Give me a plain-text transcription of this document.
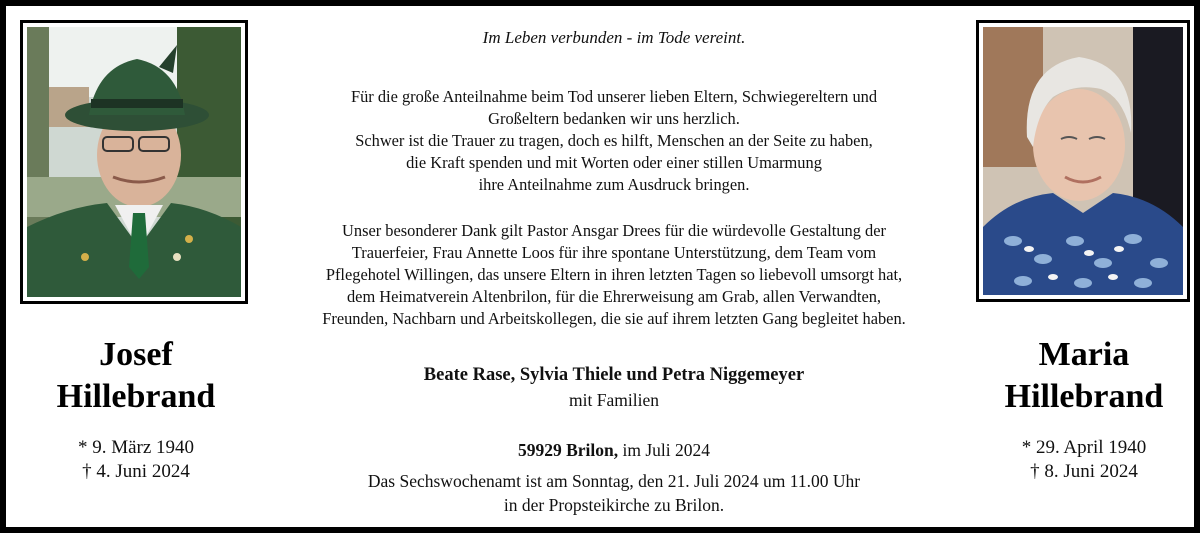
Josef
Hillebrand
* 9. März 1940
† 4. Juni 2024
Maria
Hillebrand
* 29. April 1940
† 8. Juni 2024
Im Leben verbunden - im Tode vereint.
Für die große Anteilnahme beim Tod unserer lieben Eltern, Schwiegereltern und
Großeltern bedanken wir uns herzlich.
Schwer ist die Trauer zu tragen, doch es hilft, Menschen an der Seite zu haben,
die Kraft spenden und mit Worten oder einer stillen Umarmung
ihre Anteilnahme zum Ausdruck bringen.
Unser besonderer Dank gilt Pastor Ansgar Drees für die würdevolle Gestaltung der
Trauerfeier, Frau Annette Loos für ihre spontane Unterstützung, dem Team vom
Pflegehotel Willingen, das unsere Eltern in ihren letzten Tagen so liebevoll umsorgt hat,
dem Heimatverein Altenbrilon, für die Ehrerweisung am Grab, allen Verwandten,
Freunden, Nachbarn und Arbeitskollegen, die sie auf ihrem letzten Gang begleitet haben.
Beate Rase, Sylvia Thiele und Petra Niggemeyer
mit Familien
59929 Brilon, im Juli 2024
Das Sechswochenamt ist am Sonntag, den 21. Juli 2024 um 11.00 Uhr
in der Propsteikirche zu Brilon.
